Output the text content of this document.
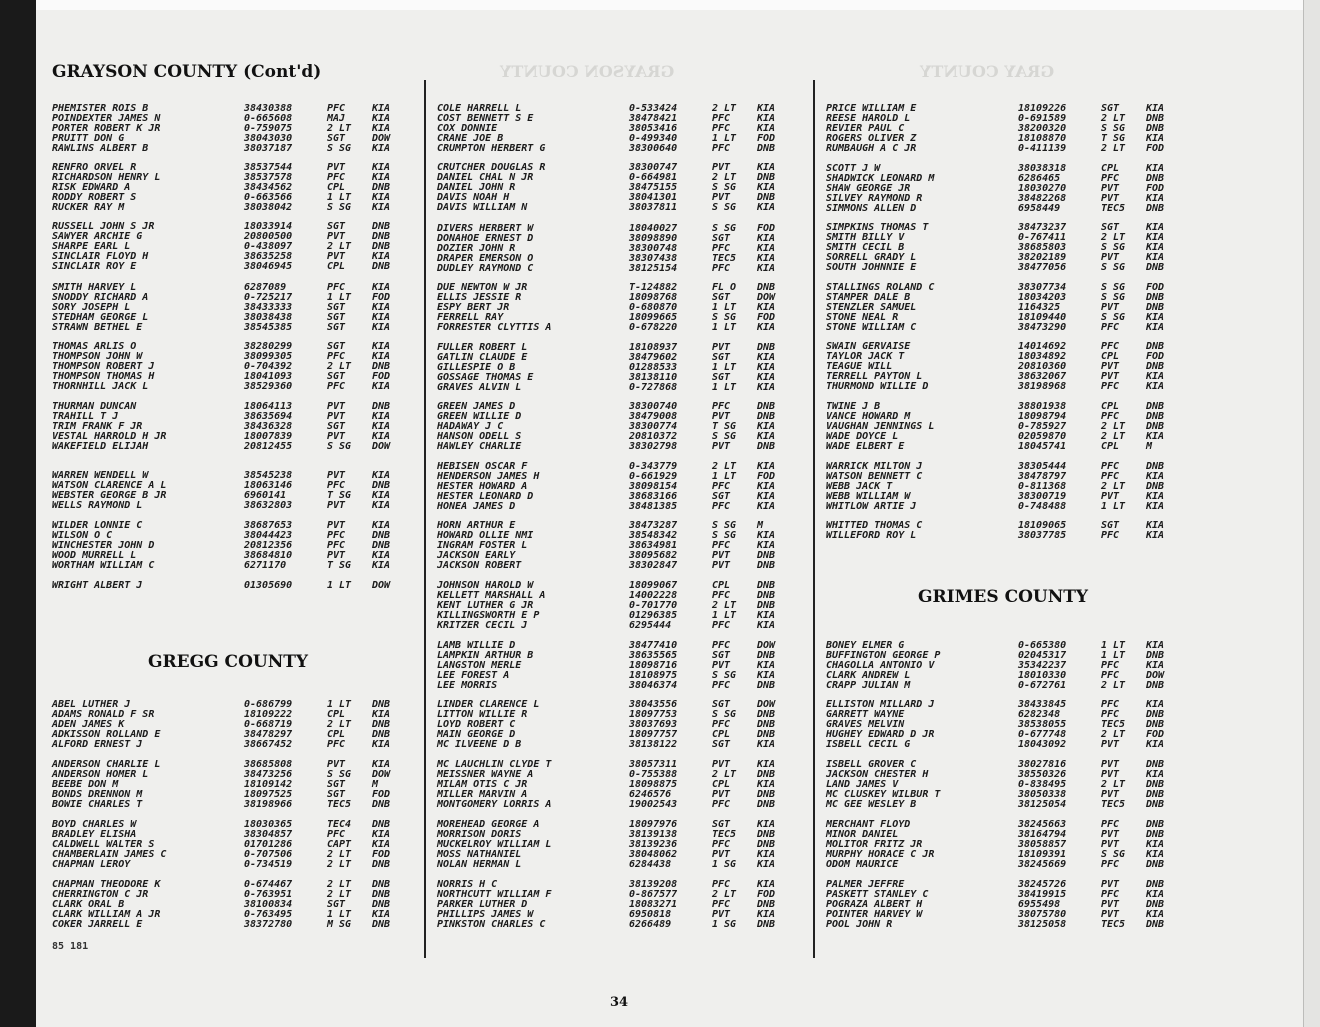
GRAYSON COUNTY	GRAY COUNTY
GRAYSON COUNTY (Cont'd)
GREGG COUNTY
GRIMES COUNTY
PHEMISTER ROIS B	38430388	PFC	KIA
POINDEXTER JAMES N	0-665608	MAJ	KIA
PORTER ROBERT K JR	0-759075	2 LT KIA
PRUITT DON G	38043030	SGT	DOW
RAWLINS ALBERT B	38037187	S SG KIA
RENFRO ORVEL R	38537544	PVT	KIA
RICHARDSON HENRY L	38537578	PFC	KIA
RISK EDWARD A	38434562	CPL	DNB
RODDY ROBERT S	0-663566	1 LT KIA
RUCKER RAY M	38038042	S SG KIA
RUSSELL JOHN S JR	18033914	SGT	DNB
SAWYER ARCHIE G	20800500	PVT	DNB
SHARPE EARL L	0-438097	2 LT DNB
SINCLAIR FLOYD H	38635258	PVT	KIA
SINCLAIR ROY E	38046945	CPL	DNB
SMITH HARVEY L	6287089	PFC	KIA
SNODDY RICHARD A	0-725217	1 LT FOD
SORY JOSEPH L	38433333	SGT	KIA
STEDHAM GEORGE L	38038438	SGT	KIA
STRAWN BETHEL E	38545385	SGT	KIA
THOMAS ARLIS O	38280299	SGT	KIA
THOMPSON JOHN W	38099305	PFC	KIA
THOMPSON ROBERT J	0-704392	2 LT DNB
THOMPSON THOMAS H	18041093	SGT	FOD
THORNHILL JACK L	38529360	PFC	KIA
THURMAN DUNCAN	18064113	PVT	DNB
TRAHILL T J	38635694	PVT	KIA
TRIM FRANK F JR	38436328	SGT	KIA
VESTAL HARROLD H JR	18007839	PVT	KIA
WAKEFIELD ELIJAH	20812455	S SG DOW
WARREN WENDELL W	38545238	PVT	KIA
WATSON CLARENCE A L	18063146	PFC	DNB
WEBSTER GEORGE B JR	6960141	T SG KIA
WELLS RAYMOND L	38632803	PVT	KIA
WILDER LONNIE C	38687653	PVT	KIA
WILSON O C	38044423	PFC	DNB
WINCHESTER JOHN D	20812356	PFC	DNB
WOOD MURRELL L	38684810	PVT	KIA
WORTHAM WILLIAM C	6271170	T SG KIA
WRIGHT ALBERT J	01305690	1 LT DOW
ABEL LUTHER J	0-686799	1 LT DNB
ADAMS RONALD F SR	18109222	CPL	KIA
ADEN JAMES K	0-668719	2 LT DNB
ADKISSON ROLLAND E	38478297	CPL	DNB
ALFORD ERNEST J	38667452	PFC	KIA
ANDERSON CHARLIE L	38685808	PVT	KIA
ANDERSON HOMER L	38473256	S SG DOW
BEEBE DON M	18109142	SGT	M
BONDS DRENNON M	18097525	SGT	FOD
BOWIE CHARLES T	38198966	TEC5 DNB
BOYD CHARLES W	18030365	TEC4 DNB
BRADLEY ELISHA	38304857	PFC	KIA
CALDWELL WALTER S	01701286	CAPT KIA
CHAMBERLAIN JAMES C	0-707506	2 LT FOD
CHAPMAN LEROY	0-734519	2 LT DNB
CHAPMAN THEODORE K	0-674467	2 LT DNB
CHERRINGTON C JR	0-763951	2 LT DNB
CLARK ORAL B	38100834	SGT	DNB
CLARK WILLIAM A JR	0-763495	1 LT KIA
COKER JARRELL E	38372780	M SG DNB
COLE HARRELL L	0-533424	2 LT KIA
COST BENNETT S E	38478421	PFC	KIA
COX DONNIE	38053416	PFC	KIA
CRANE JOE B	0-499340	1 LT FOD
CRUMPTON HERBERT G	38300640	PFC	DNB
CRUTCHER DOUGLAS R	38300747	PVT	KIA
DANIEL CHAL N JR	0-664981	2 LT DNB
DANIEL JOHN R	38475155	S SG KIA
DAVIS NOAH H	38041301	PVT	DNB
DAVIS WILLIAM N	38037811	S SG KIA
DIVERS HERBERT W	18040027	S SG FOD
DONAHOE ERNEST D	38098890	SGT	KIA
DOZIER JOHN R	38300748	PFC	KIA
DRAPER EMERSON O	38307438	TEC5 KIA
DUDLEY RAYMOND C	38125154	PFC	KIA
DUE NEWTON W JR	T-124882	FL O DNB
ELLIS JESSIE R	18098768	SGT	DOW
ESPY BERT JR	0-680870	1 LT KIA
FERRELL RAY	18099665	S SG FOD
FORRESTER CLYTTIS A	0-678220	1 LT KIA
FULLER ROBERT L	18108937	PVT	DNB
GATLIN CLAUDE E	38479602	SGT	KIA
GILLESPIE O B	01288533	1 LT KIA
GOSSAGE THOMAS E	38138110	SGT	KIA
GRAVES ALVIN L	0-727868	1 LT KIA
GREEN JAMES D	38300740	PFC	DNB
GREEN WILLIE D	38479008	PVT	DNB
HADAWAY J C	38300774	T SG KIA
HANSON ODELL S	20810372	S SG KIA
HAWLEY CHARLIE	38302798	PVT	DNB
HEBISEN OSCAR F	0-343779	2 LT KIA
HENDERSON JAMES H	0-661929	1 LT FOD
HESTER HOWARD A	38098154	PFC	KIA
HESTER LEONARD D	38683166	SGT	KIA
HONEA JAMES D	38481385	PFC	KIA
HORN ARTHUR E	38473287	S SG M
HOWARD OLLIE NMI	38548342	S SG KIA
INGRAM FOSTER L	38634981	PFC	KIA
JACKSON EARLY	38095682	PVT	DNB
JACKSON ROBERT	38302847	PVT	DNB
JOHNSON HAROLD W	18099067	CPL	DNB
KELLETT MARSHALL A	14002228	PFC	DNB
KENT LUTHER G JR	0-701770	2 LT DNB
KILLINGSWORTH E P	01296385	1 LT KIA
KRITZER CECIL J	6295444	PFC	KIA
LAMB WILLIE D	38477410	PFC	DOW
LAMPKIN ARTHUR B	38635565	SGT	DNB
LANGSTON MERLE	18098716	PVT	KIA
LEE FOREST A	18108975	S SG KIA
LEE MORRIS	38046374	PFC	DNB
LINDER CLARENCE L	38043556	SGT	DOW
LITTON WILLIE R	18097753	S SG DNB
LOYD ROBERT C	38037693	PFC	DNB
MAIN GEORGE D	18097757	CPL	DNB
MC ILVEENE D B	38138122	SGT	KIA
MC LAUCHLIN CLYDE T	38057311	PVT	KIA
MEISSNER WAYNE A	0-755388	2 LT DNB
MILAM OTIS C JR	18098875	CPL	KIA
MILLER MARVIN A	6246576	PVT	DNB
MONTGOMERY LORRIS A	19002543	PFC	DNB
MOREHEAD GEORGE A	18097976	SGT	KIA
MORRISON DORIS	38139138	TEC5 DNB
MUCKELROY WILLIAM L	38139236	PFC	DNB
MOSS NATHANIEL	38048062	PVT	KIA
NOLAN HERMAN L	6284438	1 SG KIA
NORRIS H C	38139208	PFC	KIA
NORTHCUTT WILLIAM F	0-867577	2 LT FOD
PARKER LUTHER D	18083271	PFC	DNB
PHILLIPS JAMES W	6950818	PVT	KIA
PINKSTON CHARLES C	6266489	1 SG DNB
PRICE WILLIAM E	18109226	SGT	KIA
REESE HAROLD L	0-691589	2 LT DNB
REVIER PAUL C	38200320	S SG DNB
ROGERS OLIVER Z	18108870	T SG KIA
RUMBAUGH A C JR	0-411139	2 LT FOD
SCOTT J W	38038318	CPL	KIA
SHADWICK LEONARD M	6286465	PFC	DNB
SHAW GEORGE JR	18030270	PVT	FOD
SILVEY RAYMOND R	38482268	PVT	KIA
SIMMONS ALLEN D	6958449	TEC5 DNB
SIMPKINS THOMAS T	38473237	SGT	KIA
SMITH BILLY V	0-767411	2 LT KIA
SMITH CECIL B	38685803	S SG KIA
SORRELL GRADY L	38202189	PVT	KIA
SOUTH JOHNNIE E	38477056	S SG DNB
STALLINGS ROLAND C	38307734	S SG FOD
STAMPER DALE B	18034203	S SG DNB
STENZLER SAMUEL	1164325	PVT	DNB
STONE NEAL R	18109440	S SG KIA
STONE WILLIAM C	38473290	PFC	KIA
SWAIN GERVAISE	14014692	PFC	DNB
TAYLOR JACK T	18034892	CPL	FOD
TEAGUE WILL	20810360	PVT	DNB
TERRELL PAYTON L	38632067	PVT	KIA
THURMOND WILLIE D	38198968	PFC	KIA
TWINE J B	38801938	CPL	DNB
VANCE HOWARD M	18098794	PFC	DNB
VAUGHAN JENNINGS L	0-785927	2 LT DNB
WADE DOYCE L	02059870	2 LT KIA
WADE ELBERT E	18045741	CPL	M
WARRICK MILTON J	38305444	PFC	DNB
WATSON BENNETT C	38478797	PFC	KIA
WEBB JACK T	0-811368	2 LT DNB
WEBB WILLIAM W	38300719	PVT	KIA
WHITLOW ARTIE J	0-748488	1 LT KIA
WHITTED THOMAS C	18109065	SGT	KIA
WILLEFORD ROY L	38037785	PFC	KIA
BONEY ELMER G	0-665380	1 LT KIA
BUFFINGTON GEORGE P	02045317	1 LT DNB
CHAGOLLA ANTONIO V	35342237	PFC	KIA
CLARK ANDREW L	18010330	PFC	DOW
CRAPP JULIAN M	0-672761	2 LT DNB
ELLISTON MILLARD J	38433845	PFC	KIA
GARRETT WAYNE	6282348	PFC	DNB
GRAVES MELVIN	38538055	TEC5 DNB
HUGHEY EDWARD D JR	0-677748	2 LT FOD
ISBELL CECIL G	18043092	PVT	KIA
ISBELL GROVER C	38027816	PVT	DNB
JACKSON CHESTER H	38550326	PVT	KIA
LAND JAMES V	0-838495	2 LT DNB
MC CLUSKEY WILBUR T	38050338	PVT	DNB
MC GEE WESLEY B	38125054	TEC5 DNB
MERCHANT FLOYD	38245663	PFC	DNB
MINOR DANIEL	38164794	PVT	DNB
MOLITOR FRITZ JR	38058857	PVT	KIA
MURPHY HORACE C JR	18109391	S SG KIA
ODOM MAURICE	38245669	PFC	DNB
PALMER JEFFRE	38245726	PVT	DNB
PASKETT STANLEY C	38419915	PFC	KIA
POGRAZA ALBERT H	6955498	PVT	DNB
POINTER HARVEY W	38075780	PVT	KIA
POOL JOHN R	38125058	TEC5 DNB
85 181
34
